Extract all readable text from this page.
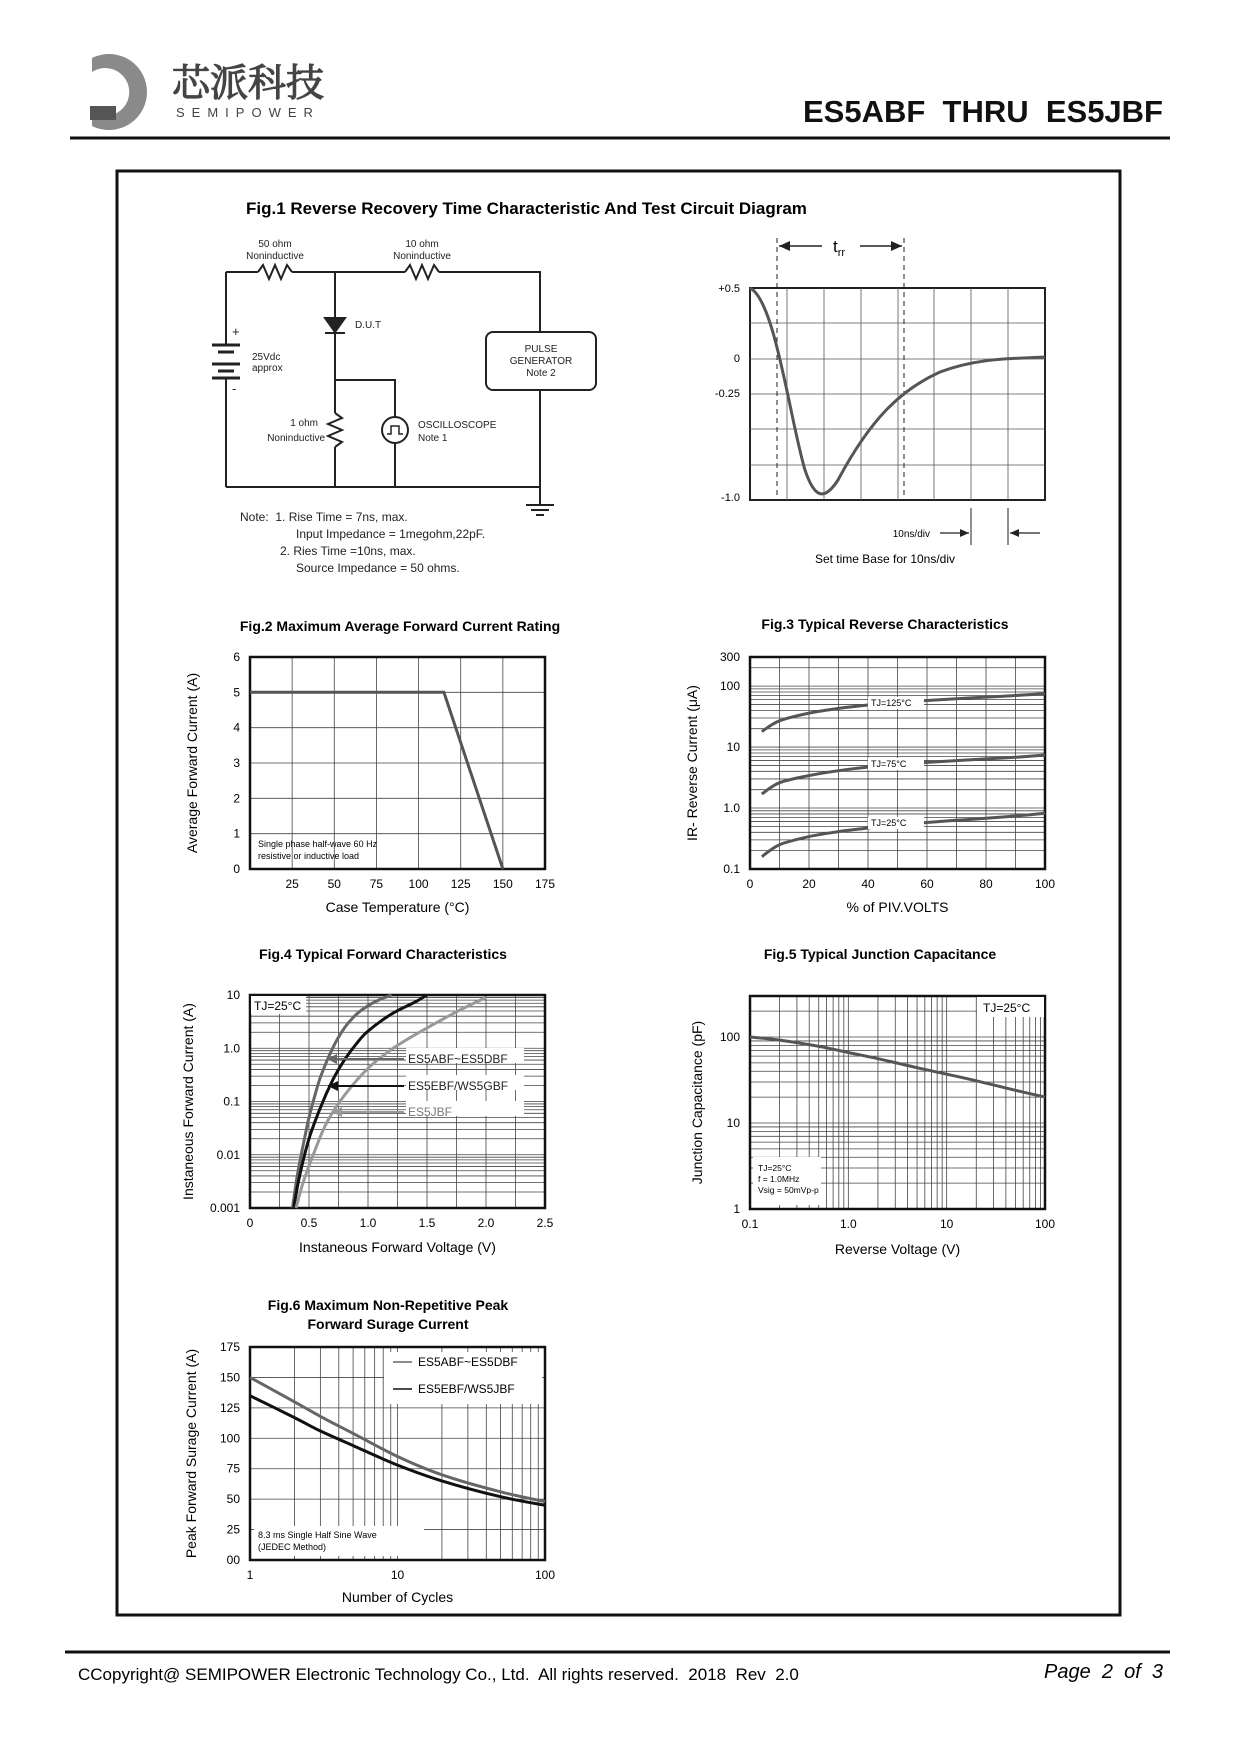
芯派科技
SEMIPOWER	ES5ABF  THRU  ES5JBF
Fig.1 Reverse Recovery Time Characteristic And Test Circuit Diagram
50 ohm
Noninductive
10 ohm
Noninductive
D.U.T
+
-
25Vdc
approx
1 ohm
Noninductive
PULSE
GENERATOR
Note 2
OSCILLOSCOPE
Note 1
Note:  1. Rise Time = 7ns, max.
Input Impedance = 1megohm,22pF.
2. Ries Time =10ns, max.
Source Impedance = 50 ohms.
$t_{rr}$
+0.5
0
-0.25
-1.0
10ns/div
Set time Base for 10ns/div
Fig.2 Maximum Average Forward Current Rating
25 50 75 100 125 150 175
0
1
2
3
4
5
6
Case Temperature (°C)
Average Forward Current (A)	Single phase half-wave 60 Hz
resistive or inductive load
Fig.3 Typical Reverse Characteristics
0	20	40	60	80	100
0.1
1.0
10
100
300
% of PIV.VOLTS
IR- Reverse Current (μA)	TJ=125°C
TJ=75°C
TJ=25°C
Fig.4 Typical Forward Characteristics
0	0.5	1.0	1.5	2.0	2.5
0.001
0.01
0.1
1.0
10
Instaneous Forward Voltage (V)
Instaneous Forward Current (A)	TJ=25°C
ES5ABF~ES5DBF
ES5EBF/WS5GBF
ES5JBF
Fig.5 Typical Junction Capacitance
0.1	1.0	10	100
1
10
100
Reverse Voltage (V)
Junction Capacitance (pF)
TJ=25°C
TJ=25°C
f = 1.0MHz
Vsig = 50mVp-p
Fig.6 Maximum Non-Repetitive Peak
Forward Surage Current
1	10	100
00
25
50
75
100
125
150
175
Number of Cycles
Peak Forward Surage Current (A)	ES5ABF~ES5DBF
ES5EBF/WS5JBF
8.3 ms Single Half Sine Wave
(JEDEC Method)
CCopyright@ SEMIPOWER Electronic Technology Co., Ltd.  All rights reserved.  2018  Rev  2.0	Page  2  of  3
